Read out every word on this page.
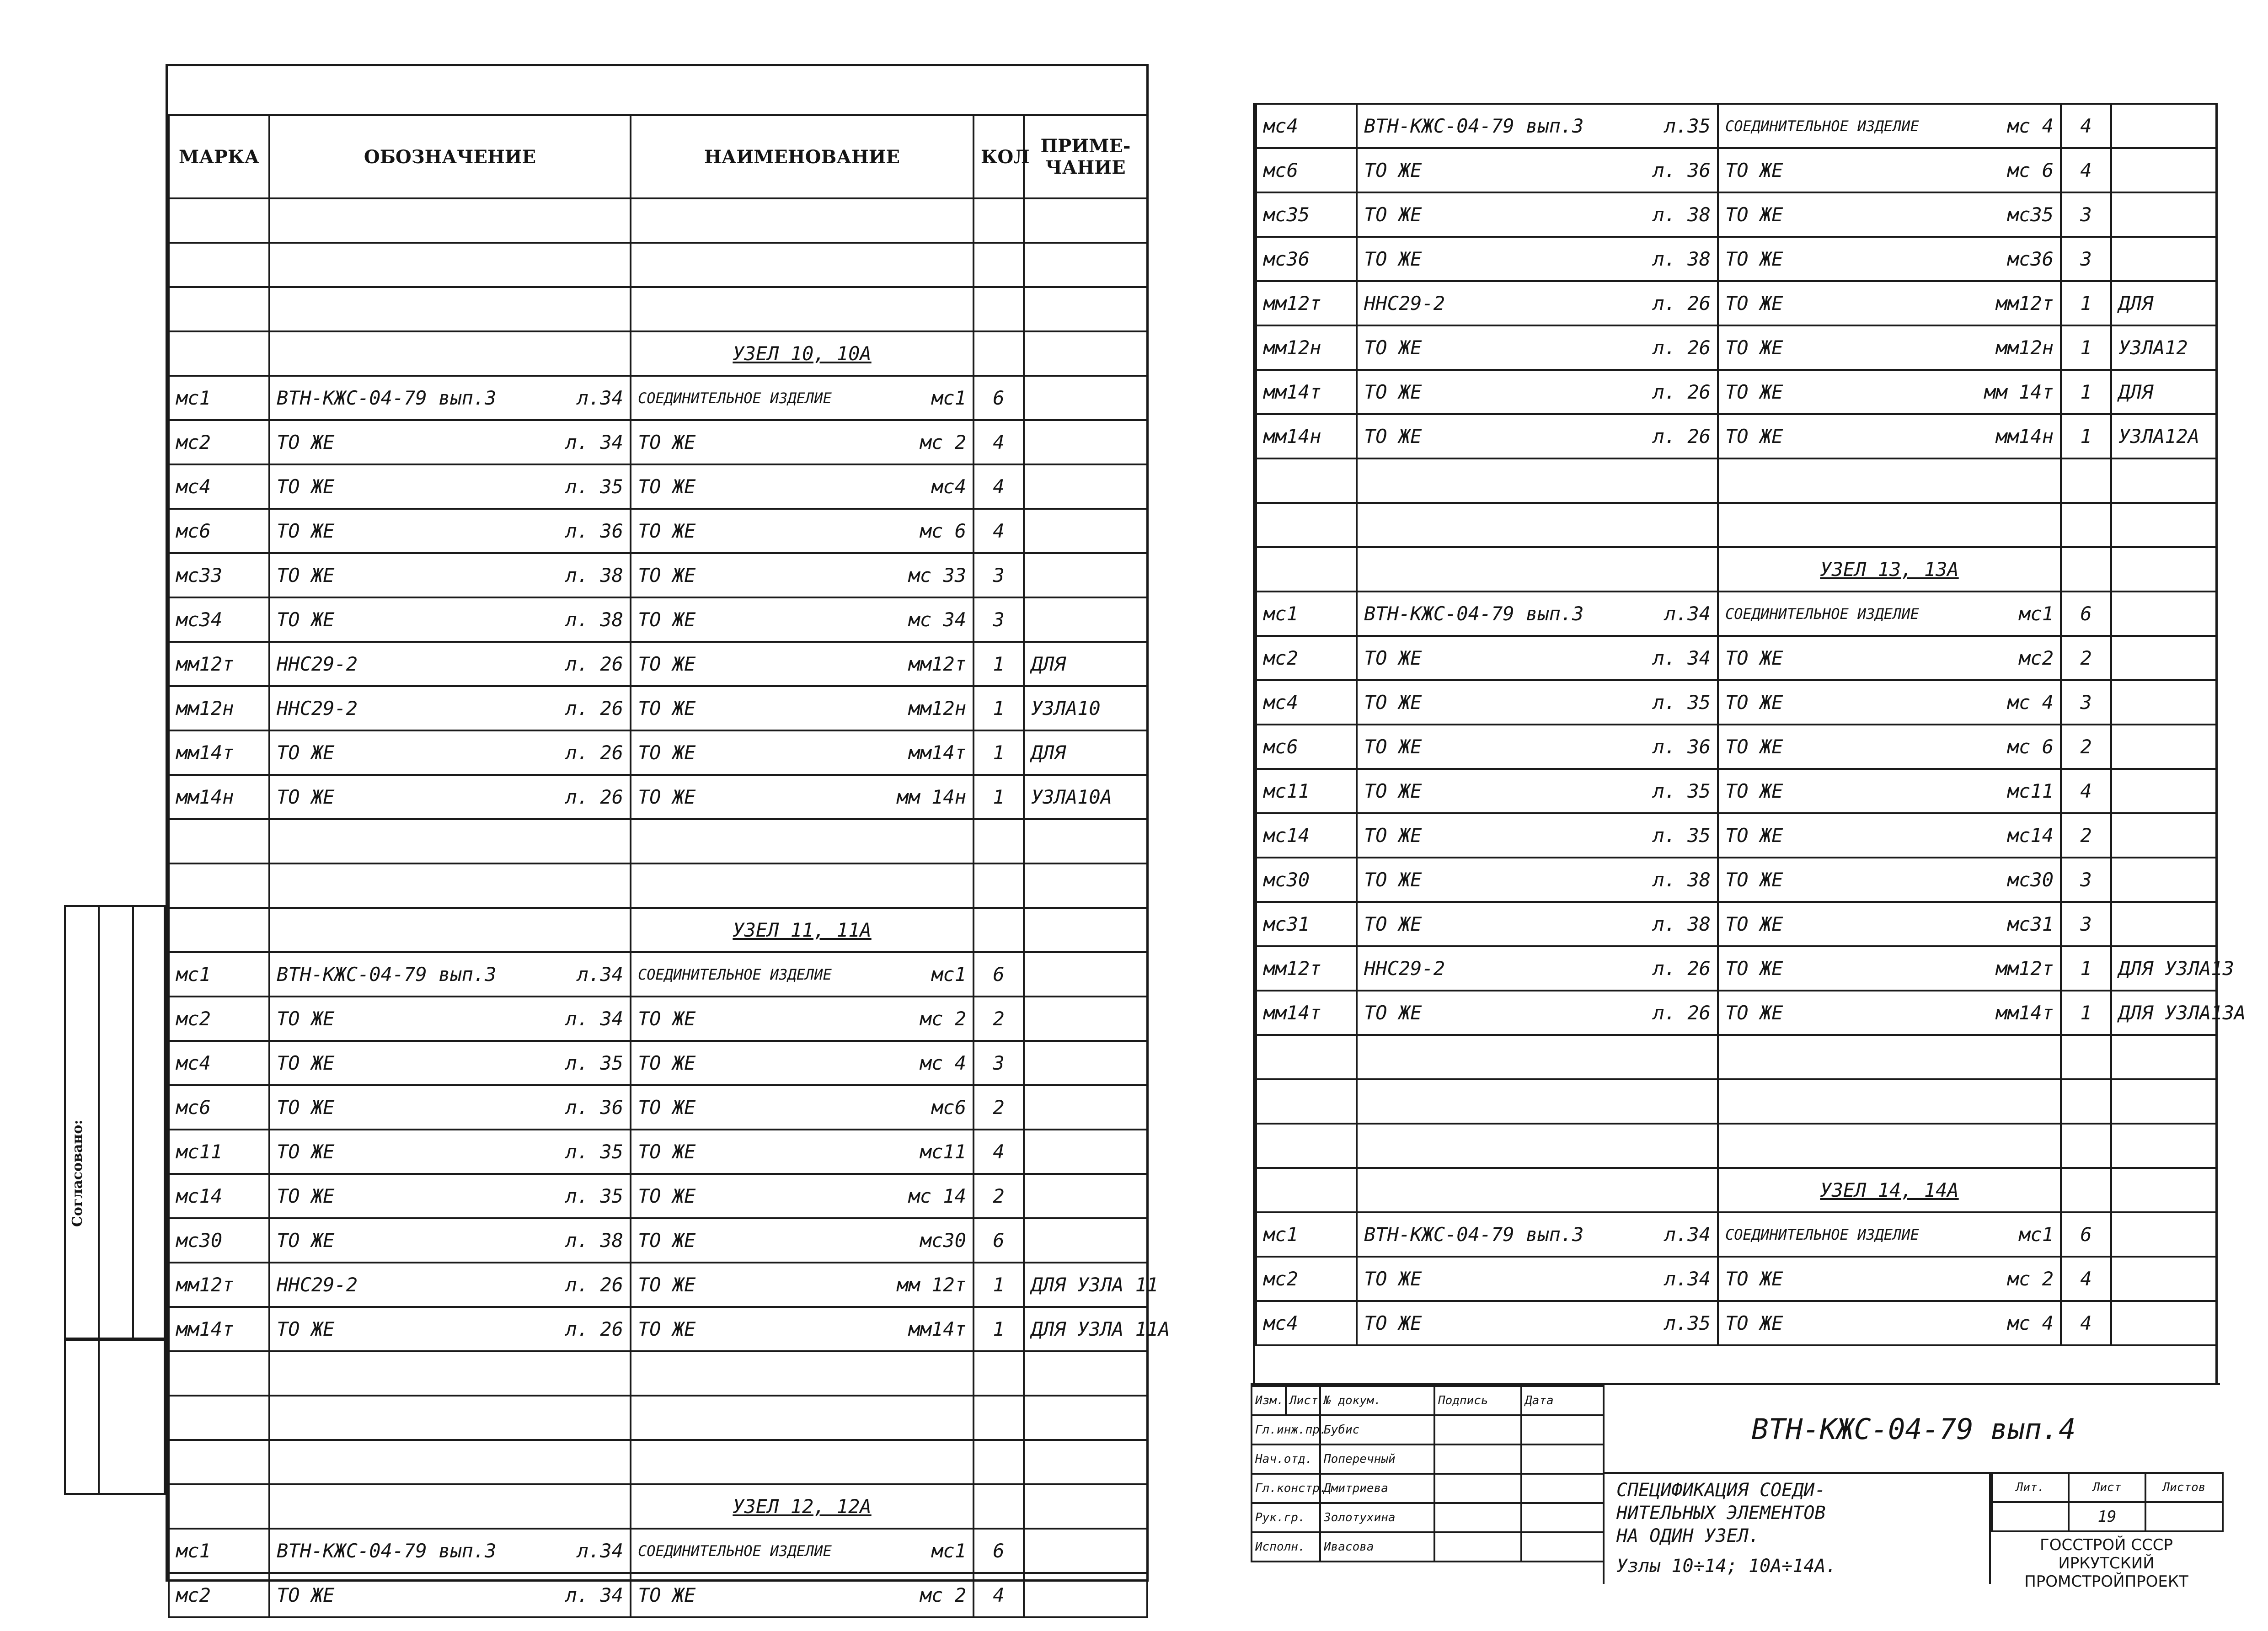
МАРКА	ОБОЗНАЧЕНИЕ	НАИМЕНОВАНИЕ	КОЛ	ПРИМЕ-ЧАНИЕ

		УЗЕЛ 10, 10А		
мс1	ВТН-КЖС-04-79 вып.3 л.34	СОЕДИНИТЕЛЬНОЕ ИЗДЕЛИЕ мс1	6	
мс2	ТО ЖЕ л. 34	ТО ЖЕ мс 2	4	
мс4	ТО ЖЕ л. 35	ТО ЖЕ мс4	4	
мс6	ТО ЖЕ л. 36	ТО ЖЕ мс 6	4	
мс33	ТО ЖЕ л. 38	ТО ЖЕ мс 33	3	
мс34	ТО ЖЕ л. 38	ТО ЖЕ мс 34	3	
мм12т	ННС29-2 л. 26	ТО ЖЕ мм12т	1	ДЛЯ
мм12н	ННС29-2 л. 26	ТО ЖЕ мм12н	1	УЗЛА10
мм14т	ТО ЖЕ л. 26	ТО ЖЕ мм14т	1	ДЛЯ
мм14н	ТО ЖЕ л. 26	ТО ЖЕ мм 14н	1	УЗЛА10А

		УЗЕЛ 11, 11А		
мс1	ВТН-КЖС-04-79 вып.3 л.34	СОЕДИНИТЕЛЬНОЕ ИЗДЕЛИЕ мс1	6	
мс2	ТО ЖЕ л. 34	ТО ЖЕ мс 2	2	
мс4	ТО ЖЕ л. 35	ТО ЖЕ мс 4	3	
мс6	ТО ЖЕ л. 36	ТО ЖЕ мс6	2	
мс11	ТО ЖЕ л. 35	ТО ЖЕ мс11	4	
мс14	ТО ЖЕ л. 35	ТО ЖЕ мс 14	2	
мс30	ТО ЖЕ л. 38	ТО ЖЕ мс30	6	
мм12т	ННС29-2 л. 26	ТО ЖЕ мм 12т	1	ДЛЯ УЗЛА 11
мм14т	ТО ЖЕ л. 26	ТО ЖЕ мм14т	1	ДЛЯ УЗЛА 11А

		УЗЕЛ 12, 12А		
мс1	ВТН-КЖС-04-79 вып.3 л.34	СОЕДИНИТЕЛЬНОЕ ИЗДЕЛИЕ мс1	6	
мс2	ТО ЖЕ л. 34	ТО ЖЕ мс 2	4	
мс4	ВТН-КЖС-04-79 вып.3 л.35	СОЕДИНИТЕЛЬНОЕ ИЗДЕЛИЕ мс 4	4	
мс6	ТО ЖЕ л. 36	ТО ЖЕ мс 6	4	
мс35	ТО ЖЕ л. 38	ТО ЖЕ мс35	3	
мс36	ТО ЖЕ л. 38	ТО ЖЕ мс36	3	
мм12т	ННС29-2 л. 26	ТО ЖЕ мм12т	1	ДЛЯ
мм12н	ТО ЖЕ л. 26	ТО ЖЕ мм12н	1	УЗЛА12
мм14т	ТО ЖЕ л. 26	ТО ЖЕ мм 14т	1	ДЛЯ
мм14н	ТО ЖЕ л. 26	ТО ЖЕ мм14н	1	УЗЛА12А

		УЗЕЛ 13, 13А		
мс1	ВТН-КЖС-04-79 вып.3 л.34	СОЕДИНИТЕЛЬНОЕ ИЗДЕЛИЕ мс1	6	
мс2	ТО ЖЕ л. 34	ТО ЖЕ мс2	2	
мс4	ТО ЖЕ л. 35	ТО ЖЕ мс 4	3	
мс6	ТО ЖЕ л. 36	ТО ЖЕ мс 6	2	
мс11	ТО ЖЕ л. 35	ТО ЖЕ мс11	4	
мс14	ТО ЖЕ л. 35	ТО ЖЕ мс14	2	
мс30	ТО ЖЕ л. 38	ТО ЖЕ мс30	3	
мс31	ТО ЖЕ л. 38	ТО ЖЕ мс31	3	
мм12т	ННС29-2 л. 26	ТО ЖЕ мм12т	1	ДЛЯ УЗЛА13
мм14т	ТО ЖЕ л. 26	ТО ЖЕ мм14т	1	ДЛЯ УЗЛА13А

		УЗЕЛ 14, 14А		
мс1	ВТН-КЖС-04-79 вып.3 л.34	СОЕДИНИТЕЛЬНОЕ ИЗДЕЛИЕ мс1	6	
мс2	ТО ЖЕ л.34	ТО ЖЕ мс 2	4	
мс4	ТО ЖЕ л.35	ТО ЖЕ мс 4	4	
Изм.	Лист	№ докум.	Подпись	Дата
Гл.инж.пр.		Бубис		
Нач.отд.		Поперечный		
Гл.констр.		Дмитриева		
Рук.гр.		Золотухина		
Исполн.		Ивасова		
ВТН-КЖС-04-79 вып.4
СПЕЦИФИКАЦИЯ СОЕДИ-
НИТЕЛЬНЫХ ЭЛЕМЕНТОВ
НА ОДИН УЗЕЛ.
Узлы 10÷14; 10А÷14А.
Лит.	Лист	Листов
	19	
ГОССТРОЙ СССР
ИРКУТСКИЙ
ПРОМСТРОЙПРОЕКТ
Согласовано:
